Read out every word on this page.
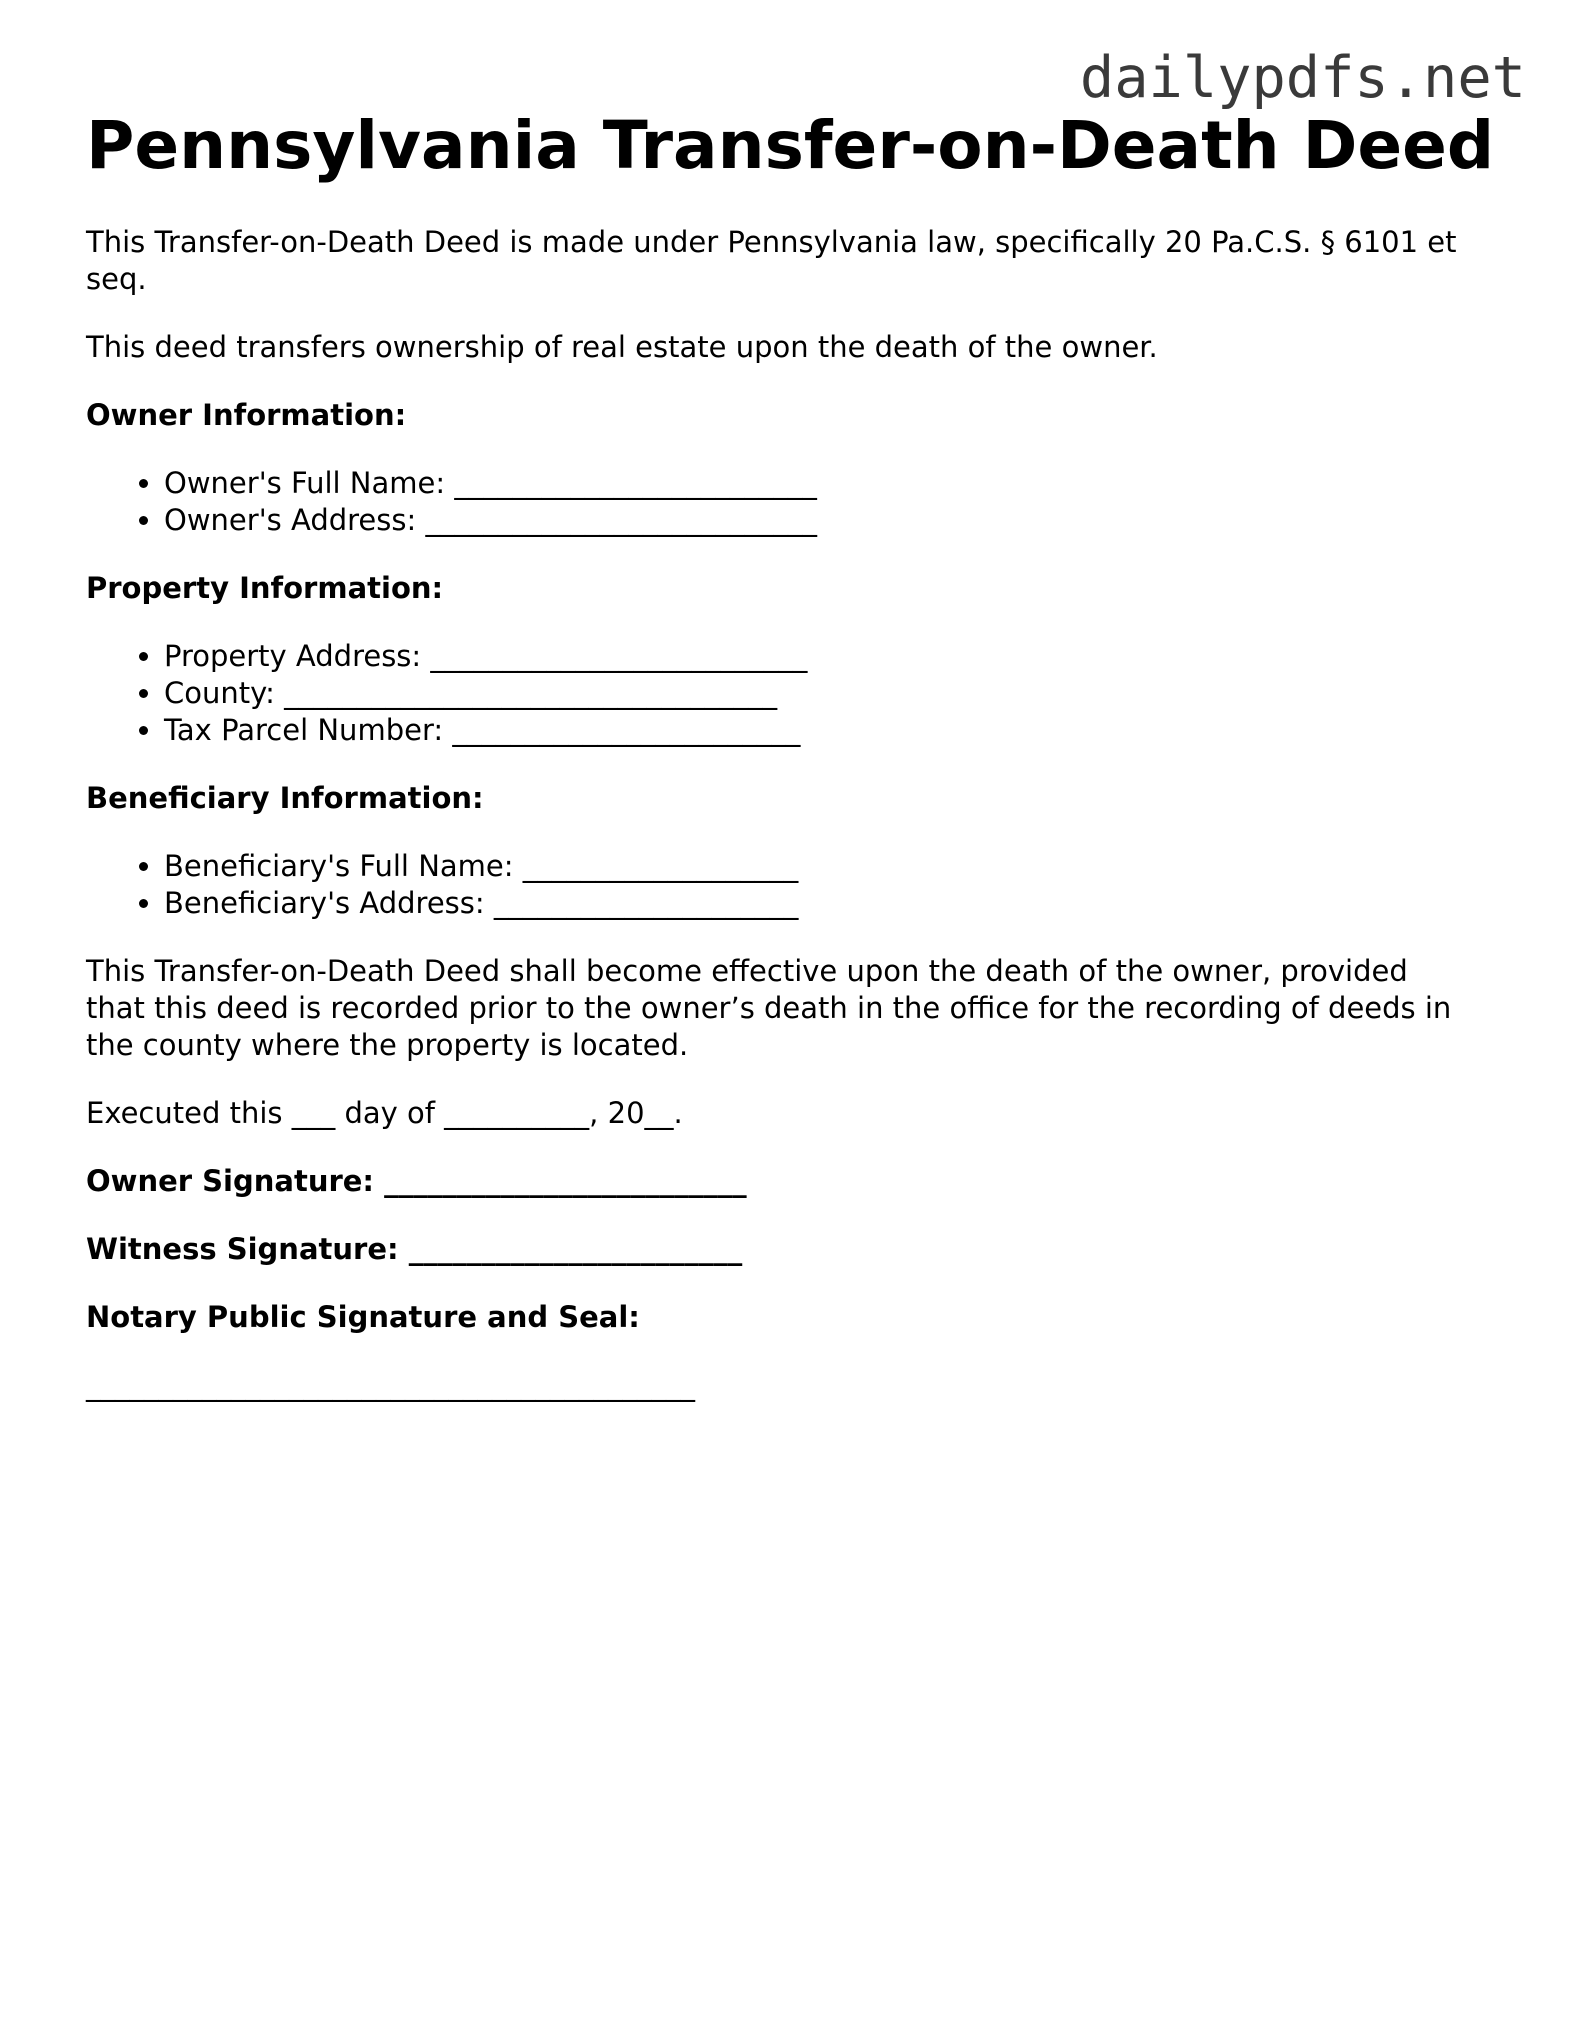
dailypdfs.net
Pennsylvania Transfer-on-Death Deed

This Transfer-on-Death Deed is made under Pennsylvania law, specifically 20 Pa.C.S. § 6101 et seq.

This deed transfers ownership of real estate upon the death of the owner.

Owner Information:
• Owner's Full Name: _________________________
• Owner's Address: ___________________________
Property Information:
• Property Address: __________________________
• County: __________________________________
• Tax Parcel Number: ________________________
Beneficiary Information:
• Beneficiary's Full Name: ___________________
• Beneficiary's Address: _____________________

This Transfer-on-Death Deed shall become effective upon the death of the owner, provided that this deed is recorded prior to the owner’s death in the office for the recording of deeds in the county where the property is located.

Executed this ___ day of __________, 20__.

Owner Signature: _________________________
Witness Signature: _______________________
Notary Public Signature and Seal:
__________________________________________
